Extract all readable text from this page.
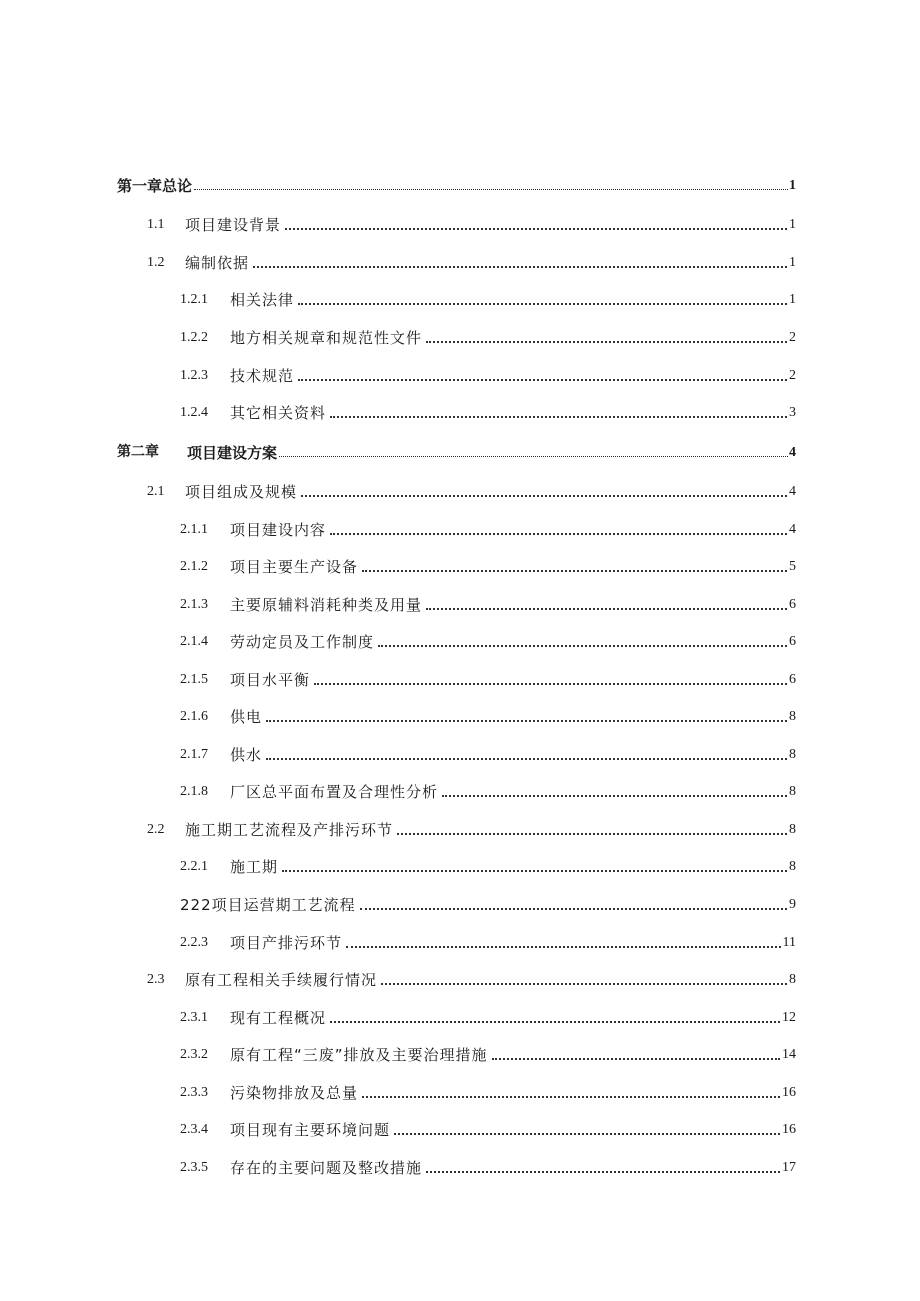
第一章总论	1
1.1	项目建设背景	1
1.2	编制依据	1
1.2.1	相关法律	1
1.2.2	地方相关规章和规范性文件	2
1.2.3	技术规范	2
1.2.4	其它相关资料	3
第二章	项目建设方案	4
2.1	项目组成及规模	4
2.1.1	项目建设内容	4
2.1.2	项目主要生产设备	5
2.1.3	主要原辅料消耗种类及用量	6
2.1.4	劳动定员及工作制度	6
2.1.5	项目水平衡	6
2.1.6	供电	8
2.1.7	供水	8
2.1.8	厂区总平面布置及合理性分析	8
2.2	施工期工艺流程及产排污环节	8
2.2.1	施工期	8
222项目运营期工艺流程	9
2.2.3	项目产排污环节	11
2.3	原有工程相关手续履行情况	8
2.3.1	现有工程概况	12
2.3.2	原有工程“三废”排放及主要治理措施	14
2.3.3	污染物排放及总量	16
2.3.4	项目现有主要环境问题	16
2.3.5	存在的主要问题及整改措施	17
